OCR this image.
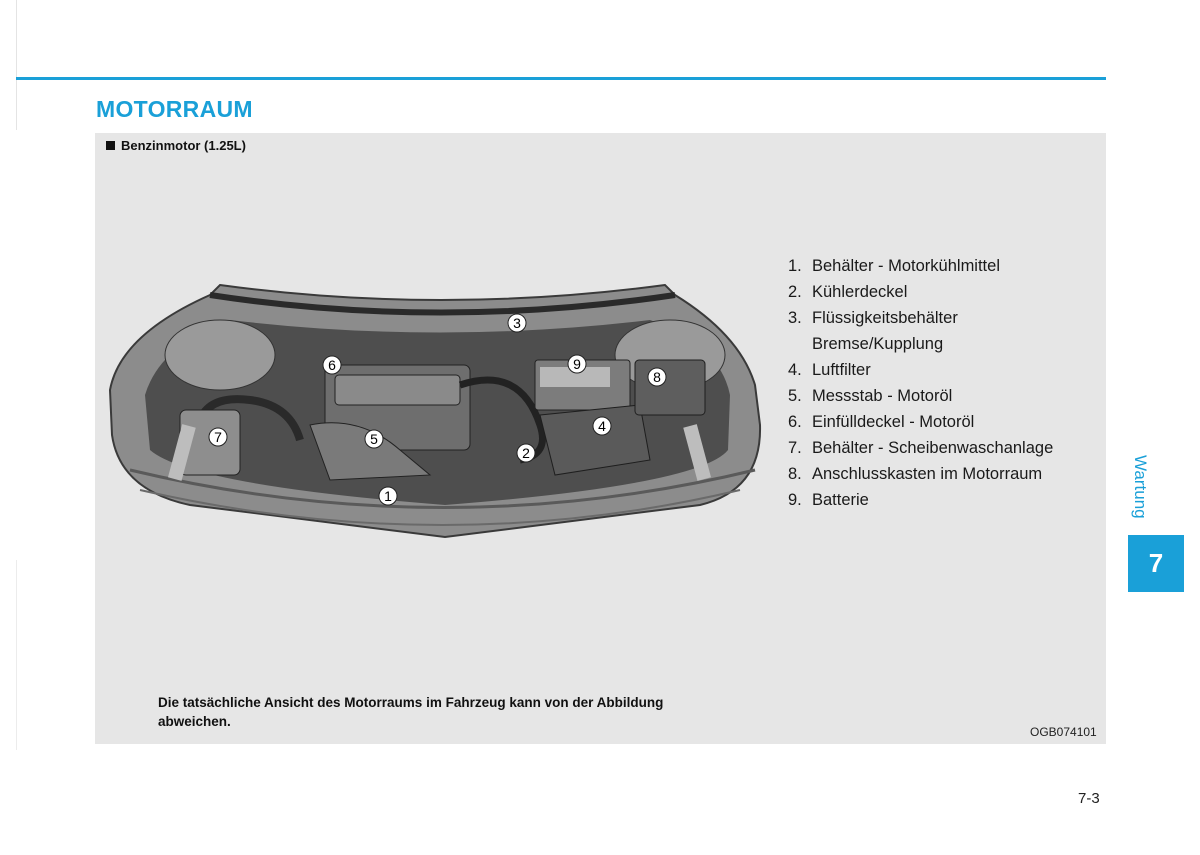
MOTORRAUM
Benzinmotor (1.25L)
1
2
3
4
5
6
7
8
9
1. Behälter - Motorkühlmittel
2. Kühlerdeckel
3. Flüssigkeitsbehälter Bremse/Kupplung
4. Luftfilter
5. Messstab - Motoröl
6. Einfülldeckel - Motoröl
7. Behälter - Scheibenwaschanlage
8. Anschlusskasten im Motorraum
9. Batterie
Die tatsächliche Ansicht des Motorraums im Fahrzeug kann von der Abbildung abweichen.
OGB074101
Wartung
7
7-3
